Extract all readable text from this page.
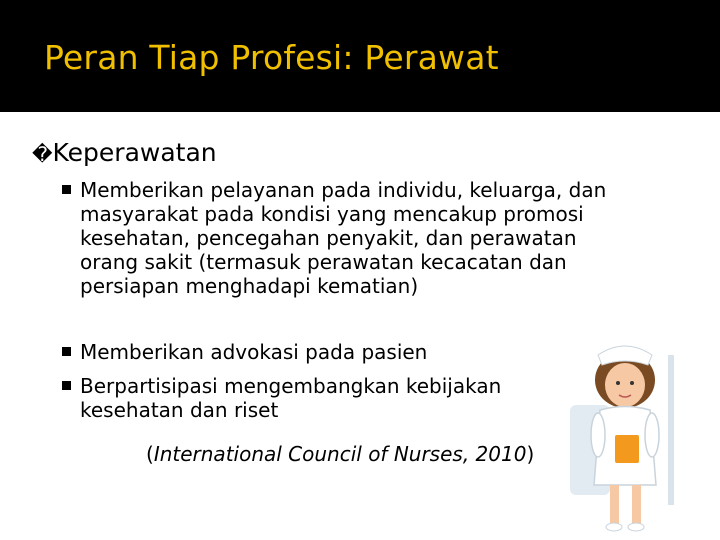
Peran Tiap Profesi: Perawat
�Keperawatan
Memberikan pelayanan pada individu, keluarga, dan masyarakat pada kondisi yang mencakup promosi kesehatan, pencegahan penyakit, dan perawatan orang sakit (termasuk perawatan kecacatan dan persiapan menghadapi kematian)
Memberikan advokasi pada pasien
Berpartisipasi mengembangkan kebijakan kesehatan dan riset
(International Council of Nurses, 2010)
